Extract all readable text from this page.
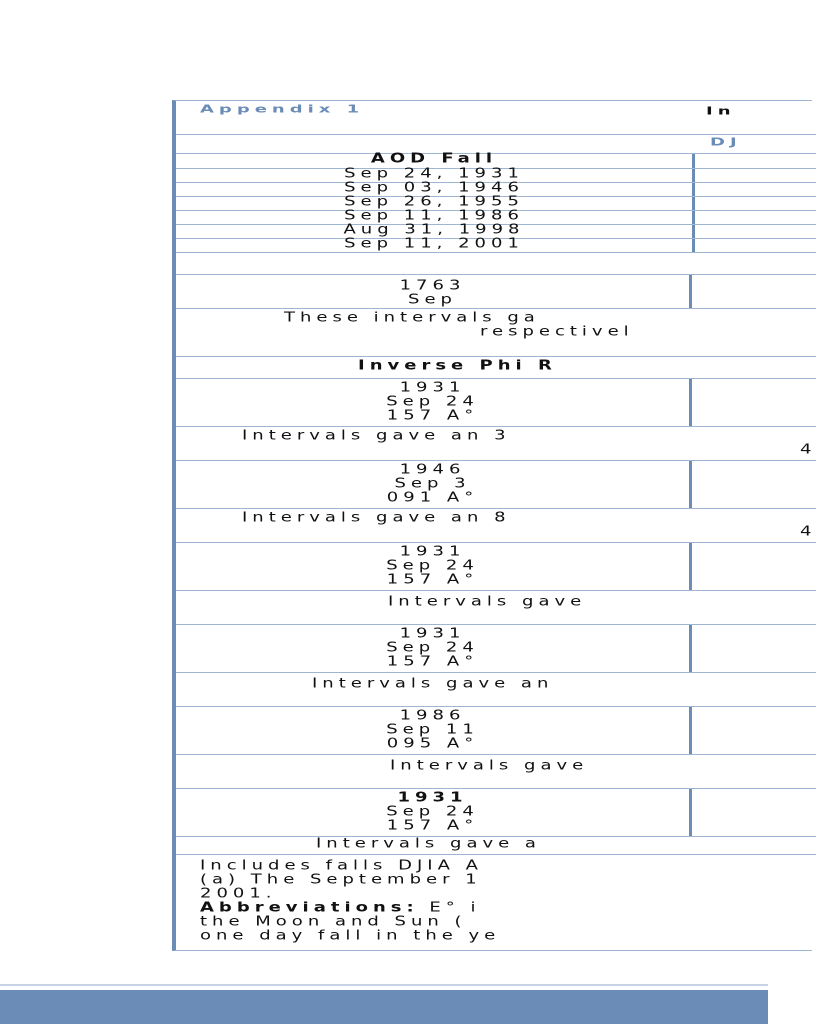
Appendix 1	In
DJ
AOD Fall
Sep 24, 1931
Sep 03, 1946
Sep 26, 1955
Sep 11, 1986
Aug 31, 1998
Sep 11, 2001
1763
Sep
These intervals ga
respectivel
Inverse Phi R
1931
Sep 24
157 A°
Intervals gave an 3
4
1946
Sep 3
091 A°
Intervals gave an 8
4
1931
Sep 24
157 A°
Intervals gave
1931
Sep 24
157 A°
Intervals gave an
1986
Sep 11
095 A°
Intervals gave
1931
Sep 24
157 A°
Intervals gave a
Includes falls DJIA A
(a) The September 1
2001.
Abbreviations: E° i
the Moon and Sun (
one day fall in the ye
